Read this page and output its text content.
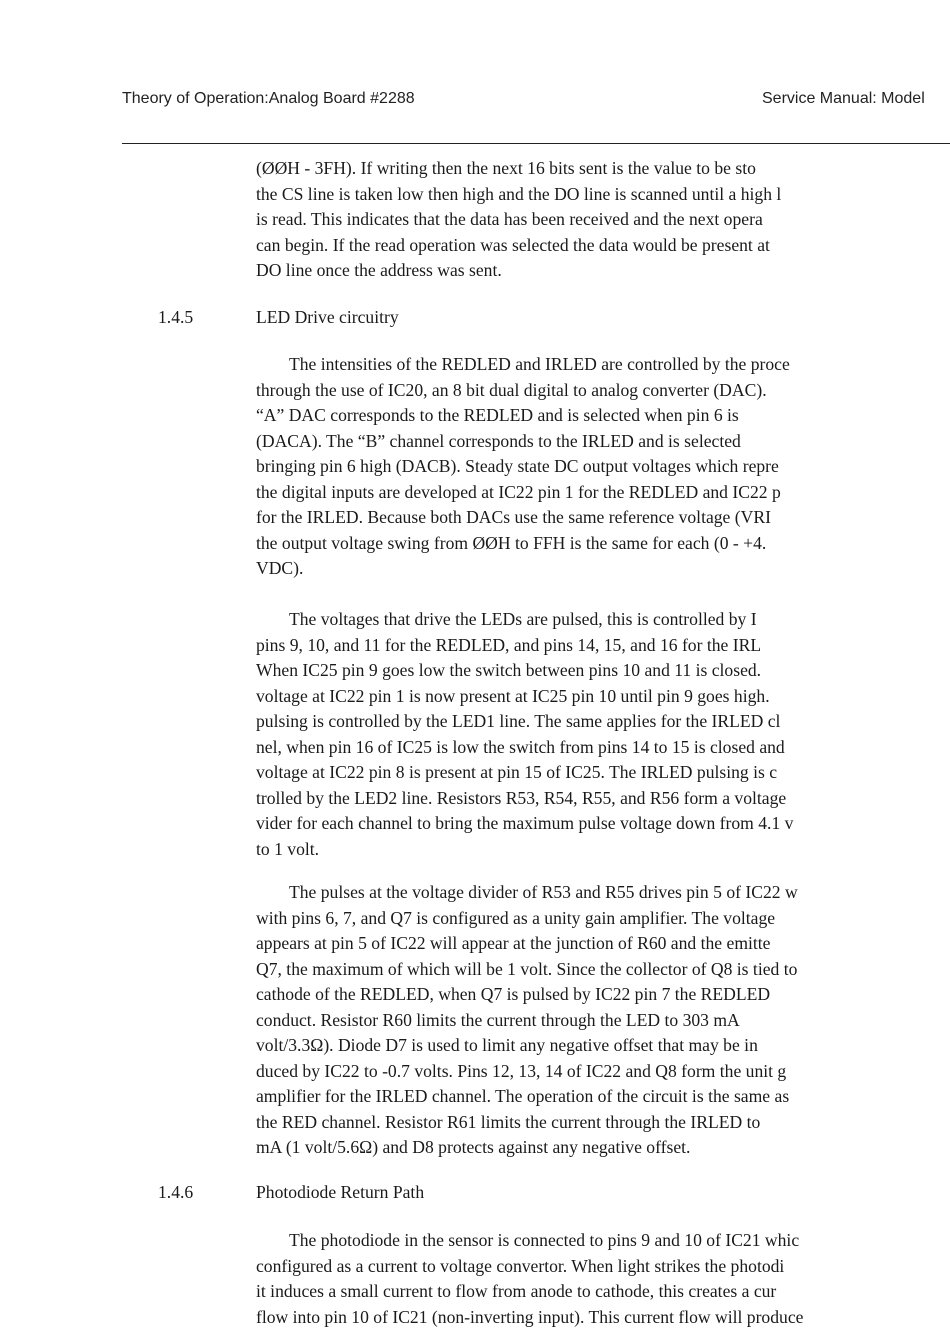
Theory of Operation:Analog Board #2288	Service Manual: Model
(ØØH - 3FH). If writing then the next 16 bits sent is the value to be sto
the CS line is taken low then high and the DO line is scanned until a high l
is read. This indicates that the data has been received and the next opera
can begin. If the read operation was selected the data would be present at
DO line once the address was sent.
1.4.5	LED Drive circuitry
The intensities of the REDLED and IRLED are controlled by the proce
through the use of IC20, an 8 bit dual digital to analog converter (DAC).
“A” DAC corresponds to the REDLED and is selected when pin 6 is
(DACA). The “B” channel corresponds to the IRLED and is selected
bringing pin 6 high (DACB). Steady state DC output voltages which repre
the digital inputs are developed at IC22 pin 1 for the REDLED and IC22 p
for the IRLED. Because both DACs use the same reference voltage (VRI
the output voltage swing from ØØH to FFH is the same for each (0 - +4.
VDC).
The voltages that drive the LEDs are pulsed, this is controlled by I
pins 9, 10, and 11 for the REDLED, and pins 14, 15, and 16 for the IRL
When IC25 pin 9 goes low the switch between pins 10 and 11 is closed.
voltage at IC22 pin 1 is now present at IC25 pin 10 until pin 9 goes high.
pulsing is controlled by the LED1 line. The same applies for the IRLED cl
nel, when pin 16 of IC25 is low the switch from pins 14 to 15 is closed and
voltage at IC22 pin 8 is present at pin 15 of IC25. The IRLED pulsing is c
trolled by the LED2 line. Resistors R53, R54, R55, and R56 form a voltage
vider for each channel to bring the maximum pulse voltage down from 4.1 v
to 1 volt.
The pulses at the voltage divider of R53 and R55 drives pin 5 of IC22 w
with pins 6, 7, and Q7 is configured as a unity gain amplifier. The voltage
appears at pin 5 of IC22 will appear at the junction of R60 and the emitte
Q7, the maximum of which will be 1 volt. Since the collector of Q8 is tied to
cathode of the REDLED, when Q7 is pulsed by IC22 pin 7 the REDLED
conduct. Resistor R60 limits the current through the LED to 303 mA
volt/3.3Ω). Diode D7 is used to limit any negative offset that may be in
duced by IC22 to -0.7 volts. Pins 12, 13, 14 of IC22 and Q8 form the unit g
amplifier for the IRLED channel. The operation of the circuit is the same as
the RED channel. Resistor R61 limits the current through the IRLED to
mA (1 volt/5.6Ω) and D8 protects against any negative offset.
1.4.6	Photodiode Return Path
The photodiode in the sensor is connected to pins 9 and 10 of IC21 whic
configured as a current to voltage convertor. When light strikes the photodi
it induces a small current to flow from anode to cathode, this creates a cur
flow into pin 10 of IC21 (non-inverting input). This current flow will produce
